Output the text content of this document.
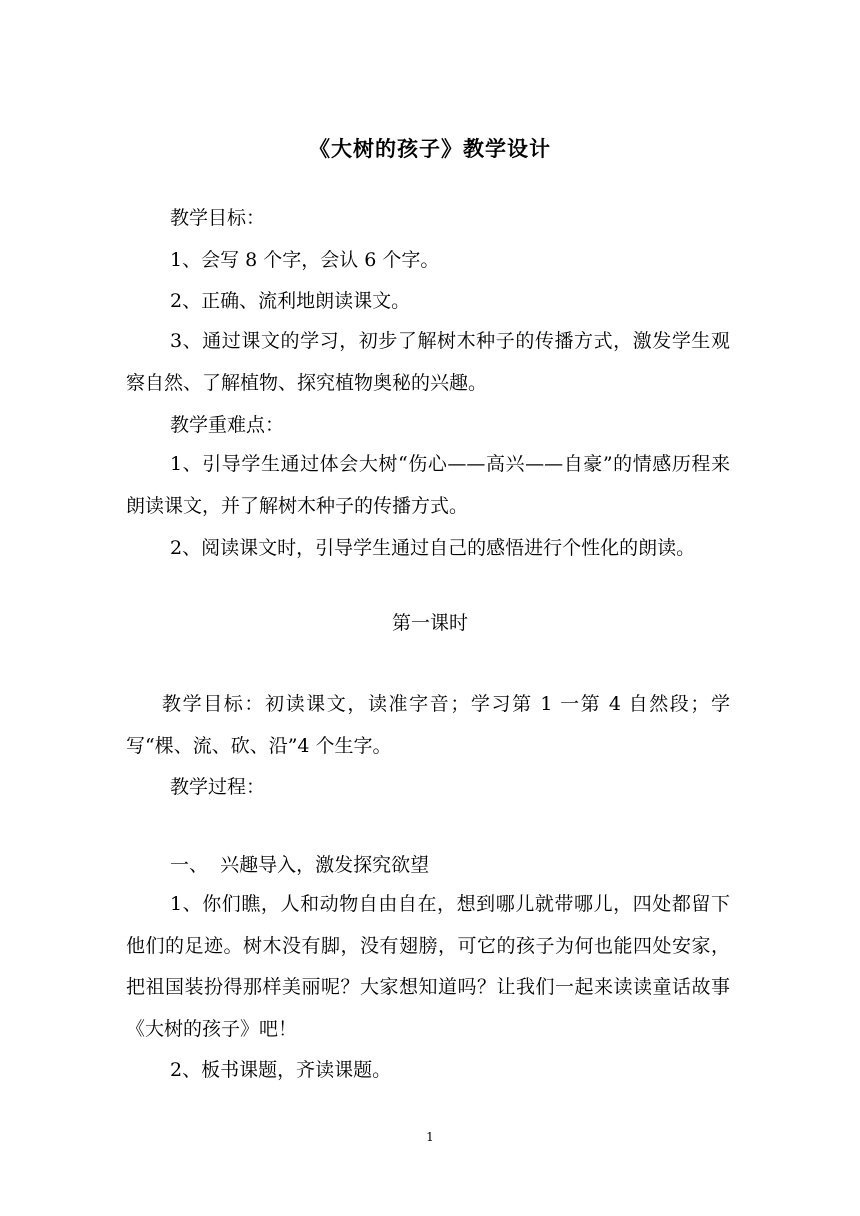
《大树的孩子》教学设计
教学目标：
1、会写 8 个字，会认 6 个字。
2、正确、流利地朗读课文。
3、通过课文的学习，初步了解树木种子的传播方式，激发学生观察自然、了解植物、探究植物奥秘的兴趣。
教学重难点：
1、引导学生通过体会大树“伤心——高兴——自豪”的情感历程来朗读课文，并了解树木种子的传播方式。
2、阅读课文时，引导学生通过自己的感悟进行个性化的朗读。
第一课时
教学目标：初读课文，读准字音；学习第 1 一第 4 自然段；学写“棵、流、砍、沿”4 个生字。
教学过程：
一、  兴趣导入，激发探究欲望
1、你们瞧，人和动物自由自在，想到哪儿就带哪儿，四处都留下他们的足迹。树木没有脚，没有翅膀，可它的孩子为何也能四处安家，把祖国装扮得那样美丽呢？大家想知道吗？让我们一起来读读童话故事《大树的孩子》吧！
2、板书课题，齐读课题。
1
